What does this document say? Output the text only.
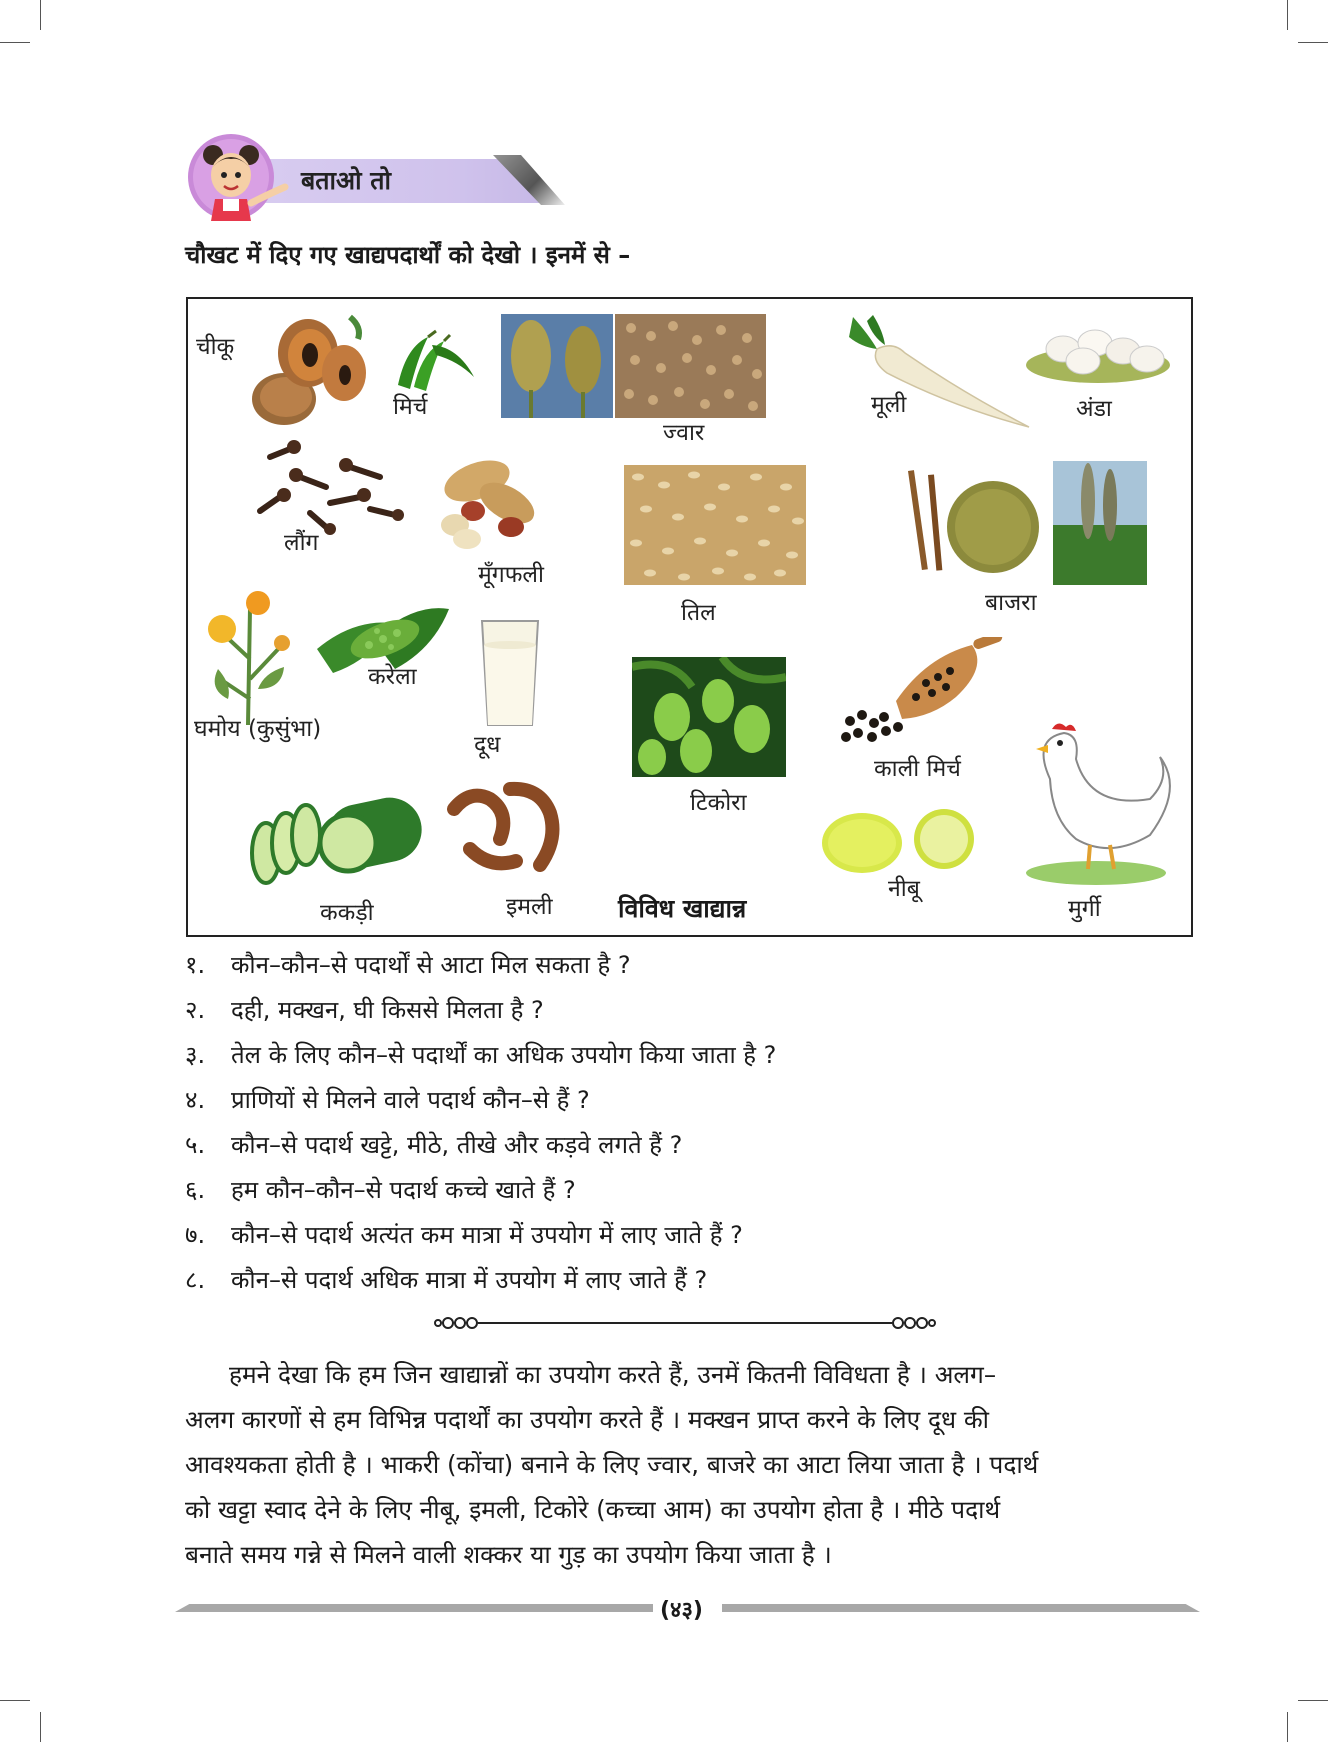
बताओ तो
चौखट में दिए गए खाद्यपदार्थों को देखो । इनमें से –
चीकू
मिर्च
ज्वार
मूली	अंडा
लौंग
मूँगफली
तिल	बाजरा
घमोय (कुसुंभा)
करेला
दूध
टिकोरा
काली मिर्च
ककड़ी	इमली
नीबू
मुर्गी
विविध खाद्यान्न
१.	कौन–कौन–से पदार्थों से आटा मिल सकता है ?
२.	दही, मक्खन, घी किससे मिलता है ?
३.	तेल के लिए कौन–से पदार्थों का अधिक उपयोग किया जाता है ?
४.	प्राणियों से मिलने वाले पदार्थ कौन–से हैं ?
५.	कौन–से पदार्थ खट्टे, मीठे, तीखे और कड़वे लगते हैं ?
६.	हम कौन–कौन–से पदार्थ कच्चे खाते हैं ?
७.	कौन–से पदार्थ अत्यंत कम मात्रा में उपयोग में लाए जाते हैं ?
८.	कौन–से पदार्थ अधिक मात्रा में उपयोग में लाए जाते हैं ?
हमने देखा कि हम जिन खाद्यान्नों का उपयोग करते हैं, उनमें कितनी विविधता है । अलग–
अलग कारणों से हम विभिन्न पदार्थों का उपयोग करते हैं । मक्खन प्राप्त करने के लिए दूध की
आवश्यकता होती है । भाकरी (कोंचा) बनाने के लिए ज्वार, बाजरे का आटा लिया जाता है । पदार्थ
को खट्टा स्वाद देने के लिए नीबू, इमली, टिकोरे (कच्चा आम) का उपयोग होता है । मीठे पदार्थ
बनाते समय गन्ने से मिलने वाली शक्कर या गुड़ का उपयोग किया जाता है ।
(४३)
